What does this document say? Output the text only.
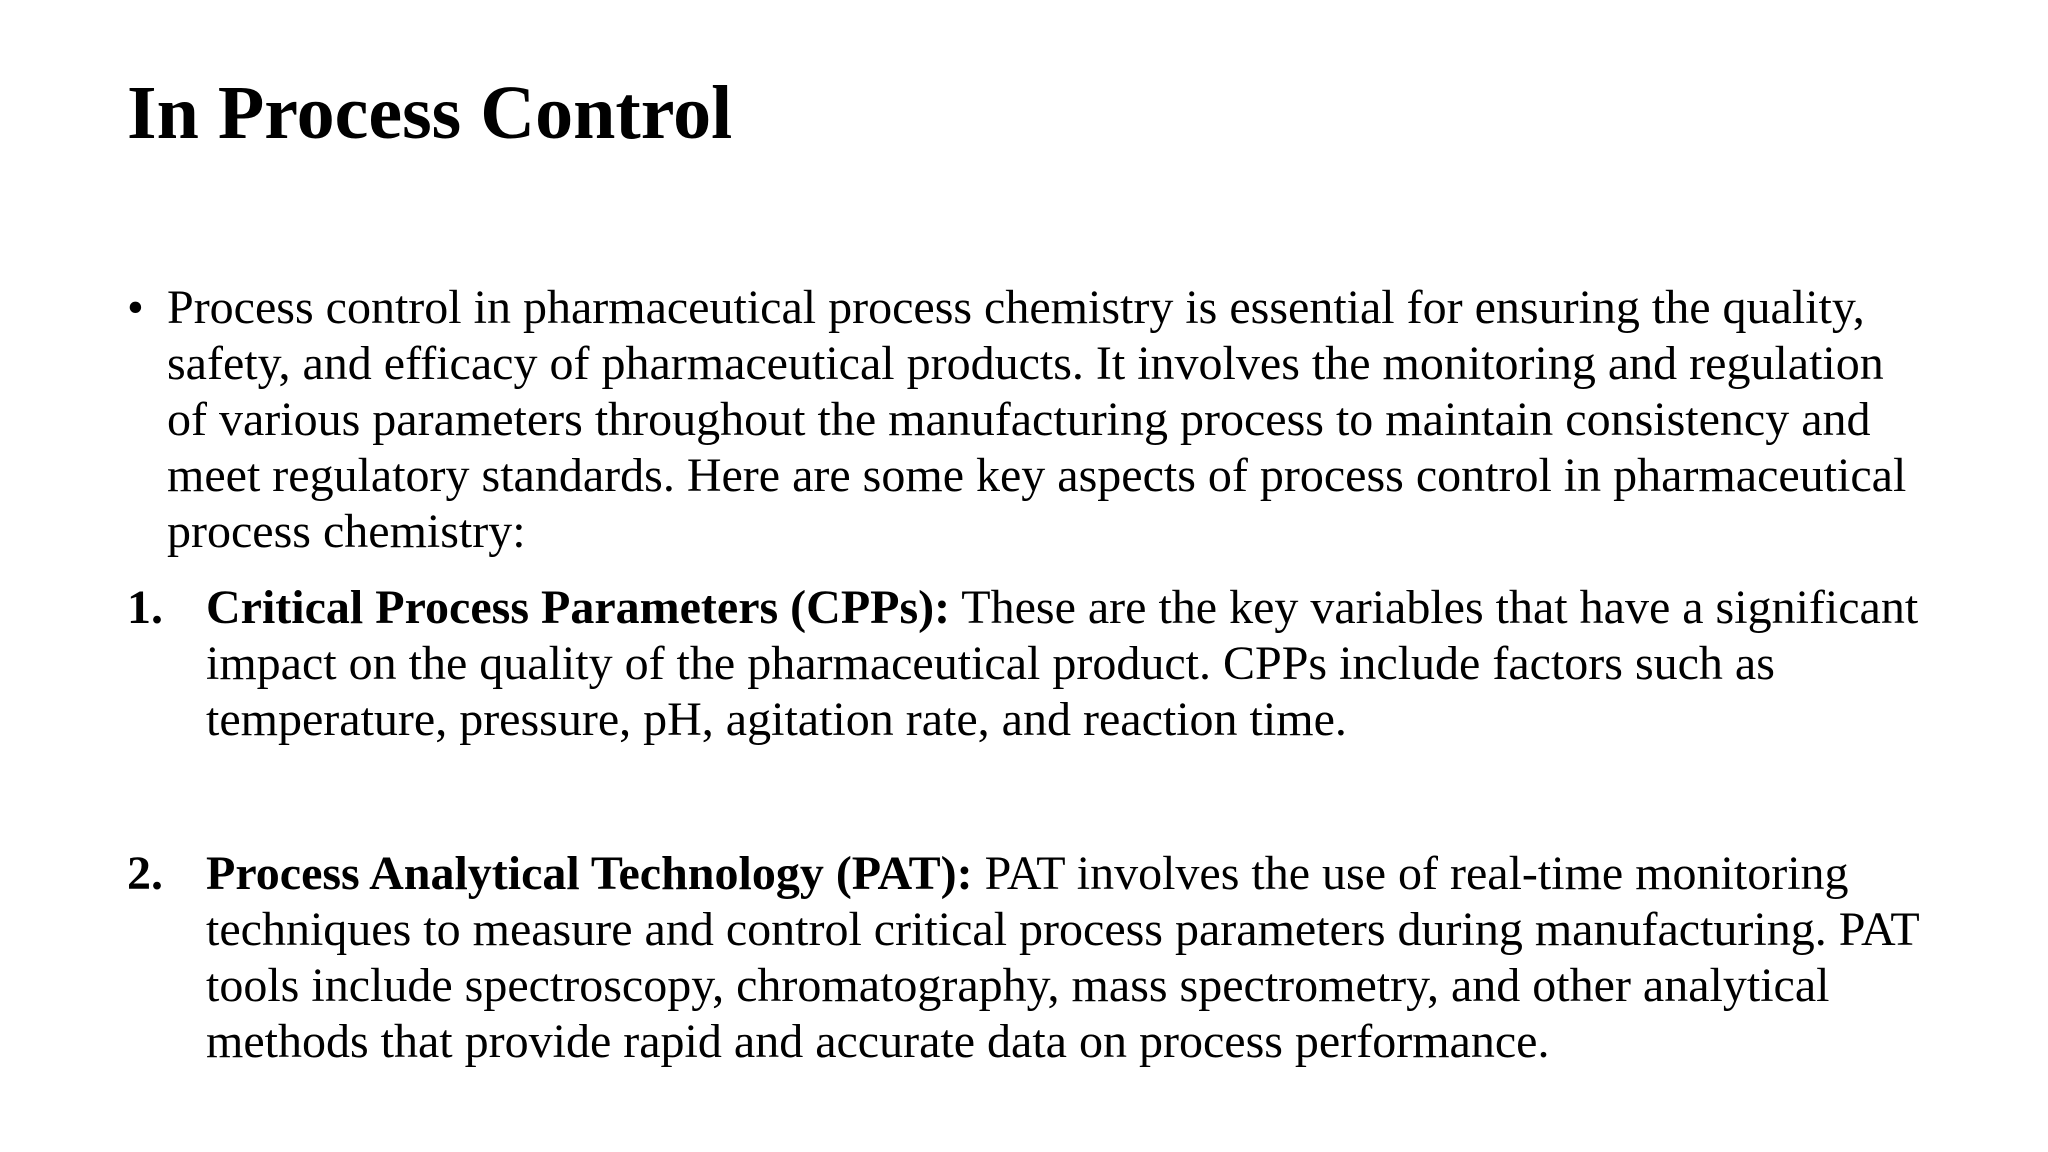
In Process Control

• Process control in pharmaceutical process chemistry is essential for ensuring the quality, safety, and efficacy of pharmaceutical products. It involves the monitoring and regulation of various parameters throughout the manufacturing process to maintain consistency and meet regulatory standards. Here are some key aspects of process control in pharmaceutical process chemistry:

1. Critical Process Parameters (CPPs): These are the key variables that have a significant impact on the quality of the pharmaceutical product. CPPs include factors such as temperature, pressure, pH, agitation rate, and reaction time.

2. Process Analytical Technology (PAT): PAT involves the use of real-time monitoring techniques to measure and control critical process parameters during manufacturing. PAT tools include spectroscopy, chromatography, mass spectrometry, and other analytical methods that provide rapid and accurate data on process performance.
